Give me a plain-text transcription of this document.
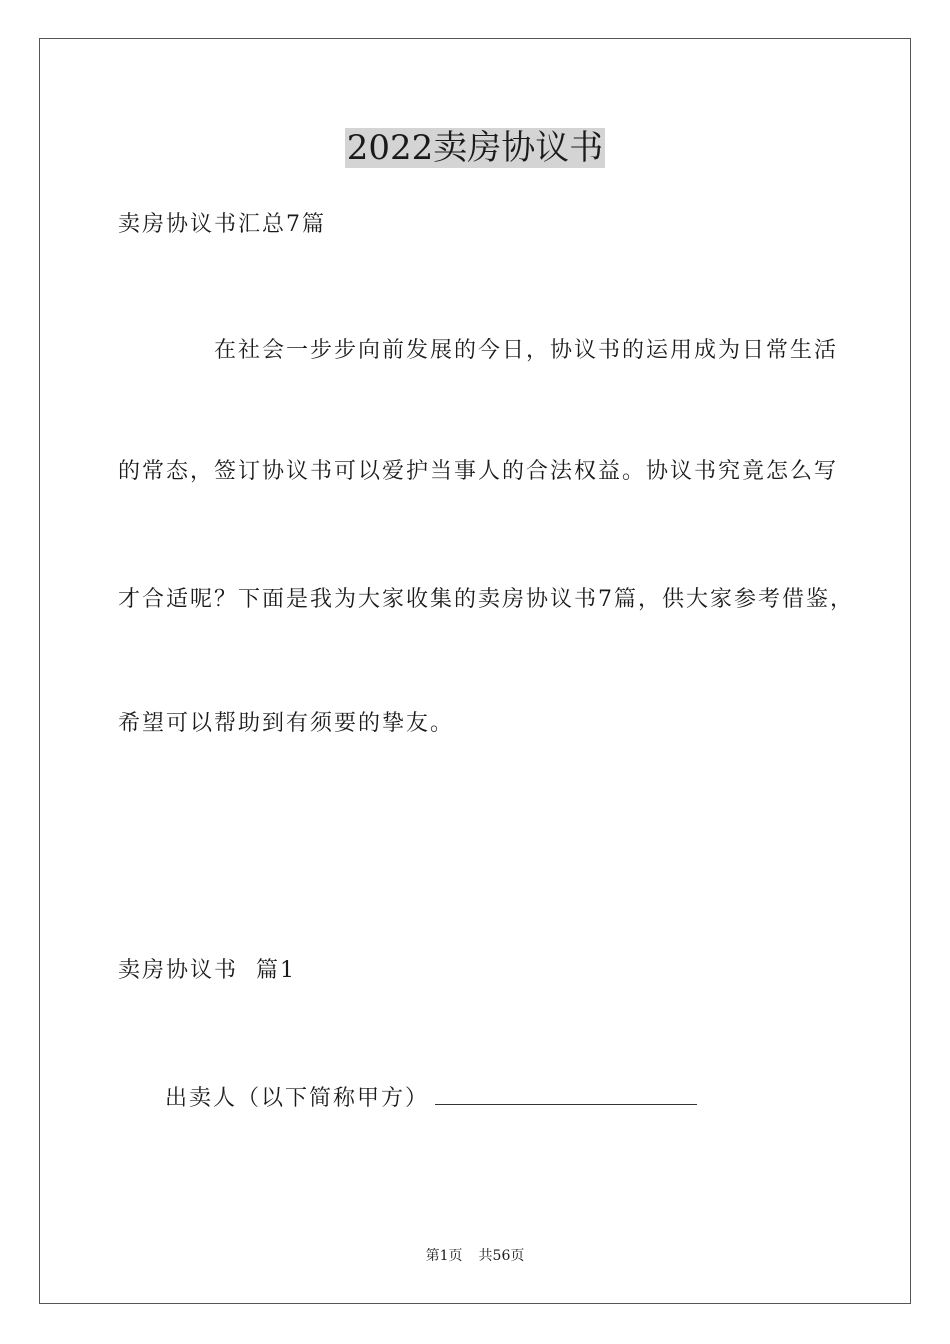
2022卖房协议书
卖房协议书汇总7篇
在社会一步步向前发展的今日，协议书的运用成为日常生活
的常态，签订协议书可以爱护当事人的合法权益。协议书究竟怎么写
才合适呢？下面是我为大家收集的卖房协议书7篇，供大家参考借鉴，
希望可以帮助到有须要的挚友。
卖房协议书  篇1
出卖人（以下简称甲方）
第1页 共56页
